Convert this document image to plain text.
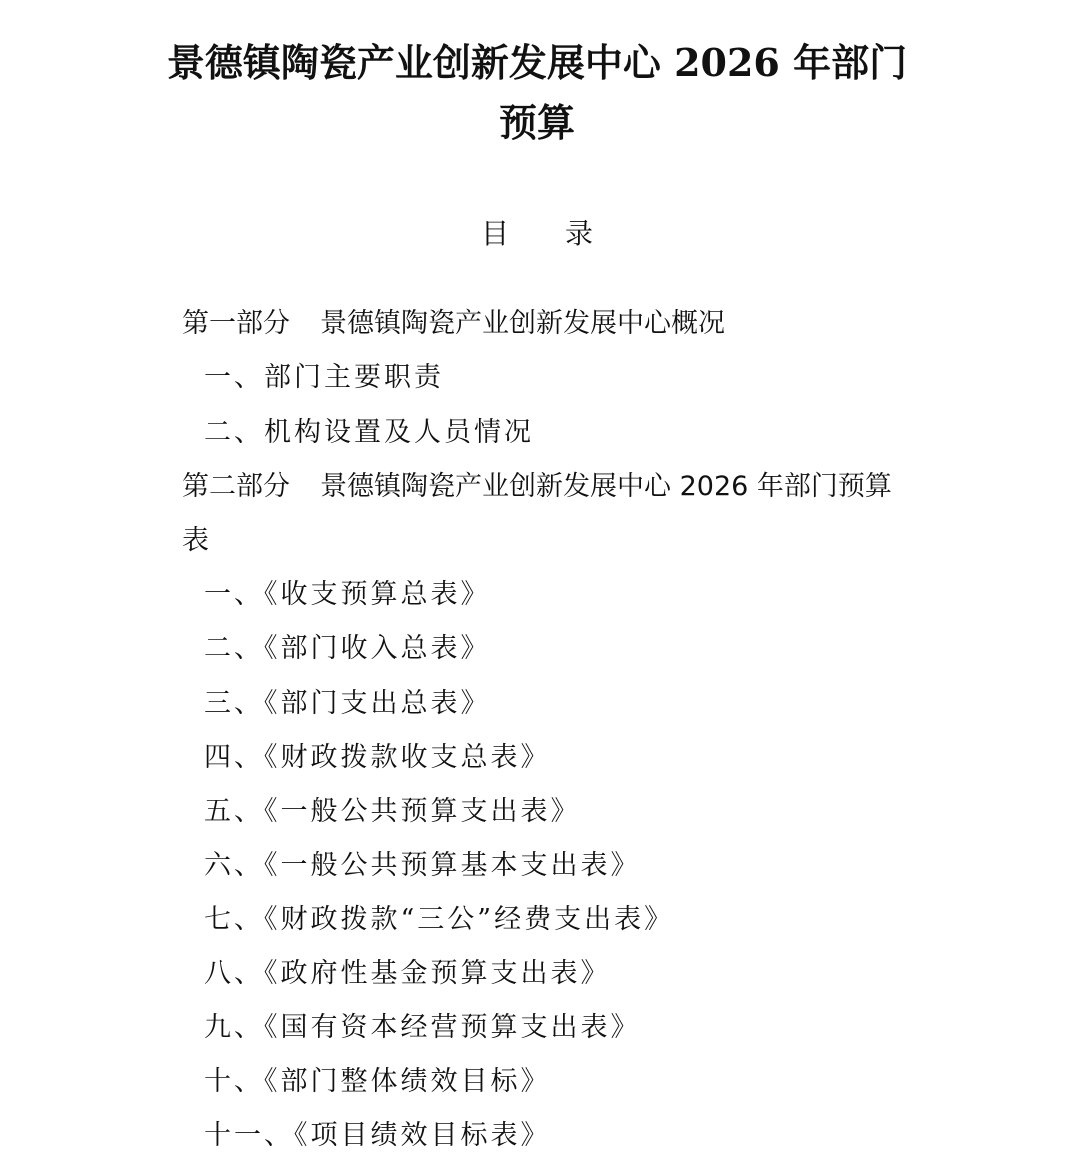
景德镇陶瓷产业创新发展中心 2026 年部门
预算
目录
第一部分 景德镇陶瓷产业创新发展中心概况
一、部门主要职责
二、机构设置及人员情况
第二部分 景德镇陶瓷产业创新发展中心 2026 年部门预算
表
一、《收支预算总表》
二、《部门收入总表》
三、《部门支出总表》
四、《财政拨款收支总表》
五、《一般公共预算支出表》
六、《一般公共预算基本支出表》
七、《财政拨款“三公”经费支出表》
八、《政府性基金预算支出表》
九、《国有资本经营预算支出表》
十、《部门整体绩效目标》
十一、《项目绩效目标表》
